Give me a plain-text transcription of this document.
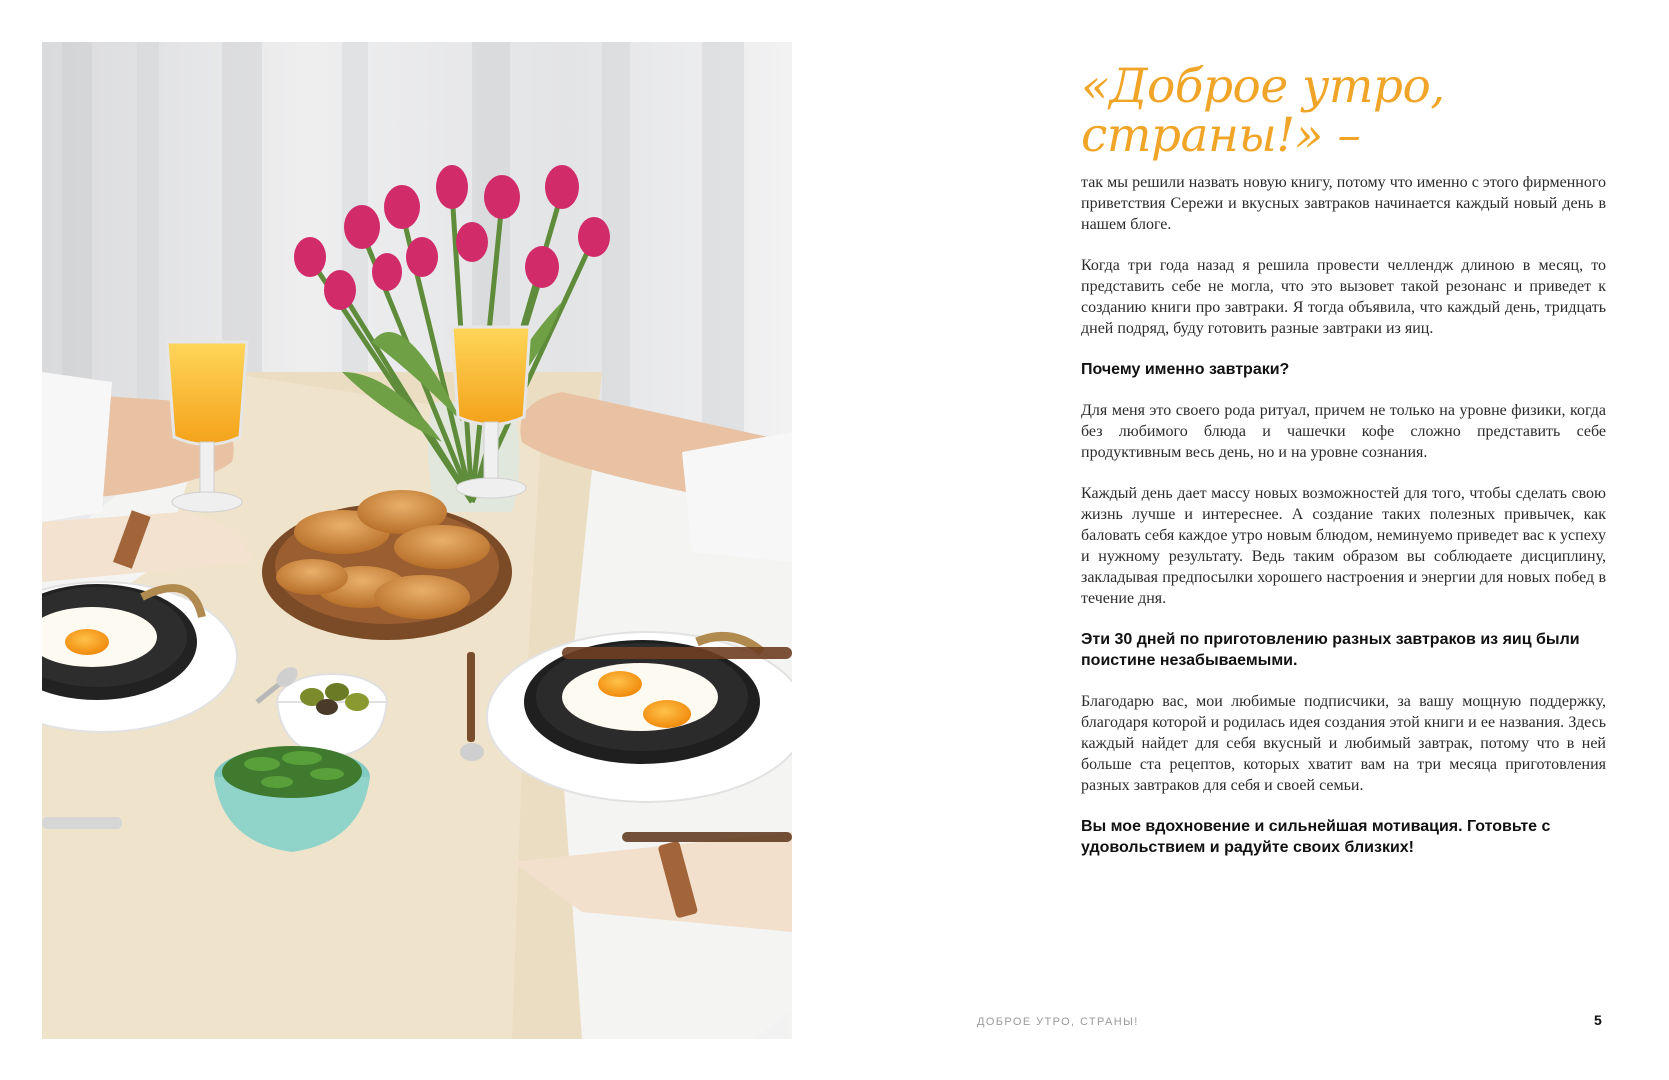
«Доброе утро,
страны!» –

так мы решили назвать новую книгу, потому что именно с этого фирменного приветствия Сережи и вкусных завтраков начинается каждый новый день в нашем блоге.

Когда три года назад я решила провести челлендж длиною в месяц, то представить себе не могла, что это вызовет такой резонанс и приведет к созданию книги про завтраки. Я тогда объявила, что каждый день, тридцать дней подряд, буду готовить разные завтраки из яиц.

Почему именно завтраки?

Для меня это своего рода ритуал, причем не только на уровне физики, когда без любимого блюда и чашечки кофе сложно представить себе продуктивным весь день, но и на уровне сознания.

Каждый день дает массу новых возможностей для того, чтобы сделать свою жизнь лучше и интереснее. А создание таких полезных привычек, как баловать себя каждое утро новым блюдом, неминуемо приведет вас к успеху и нужному результату. Ведь таким образом вы соблюдаете дисциплину, закладывая предпосылки хорошего настроения и энергии для новых побед в течение дня.

Эти 30 дней по приготовлению разных завтраков из яиц были поистине незабываемыми.

Благодарю вас, мои любимые подписчики, за вашу мощную поддержку, благодаря которой и родилась идея создания этой книги и ее названия. Здесь каждый найдет для себя вкусный и любимый завтрак, потому что в ней больше ста рецептов, которых хватит вам на три месяца приготовления разных завтраков для себя и своей семьи.

Вы мое вдохновение и сильнейшая мотивация. Готовьте с удовольствием и радуйте своих близких!

ДОБРОЕ УТРО, СТРАНЫ!	5
